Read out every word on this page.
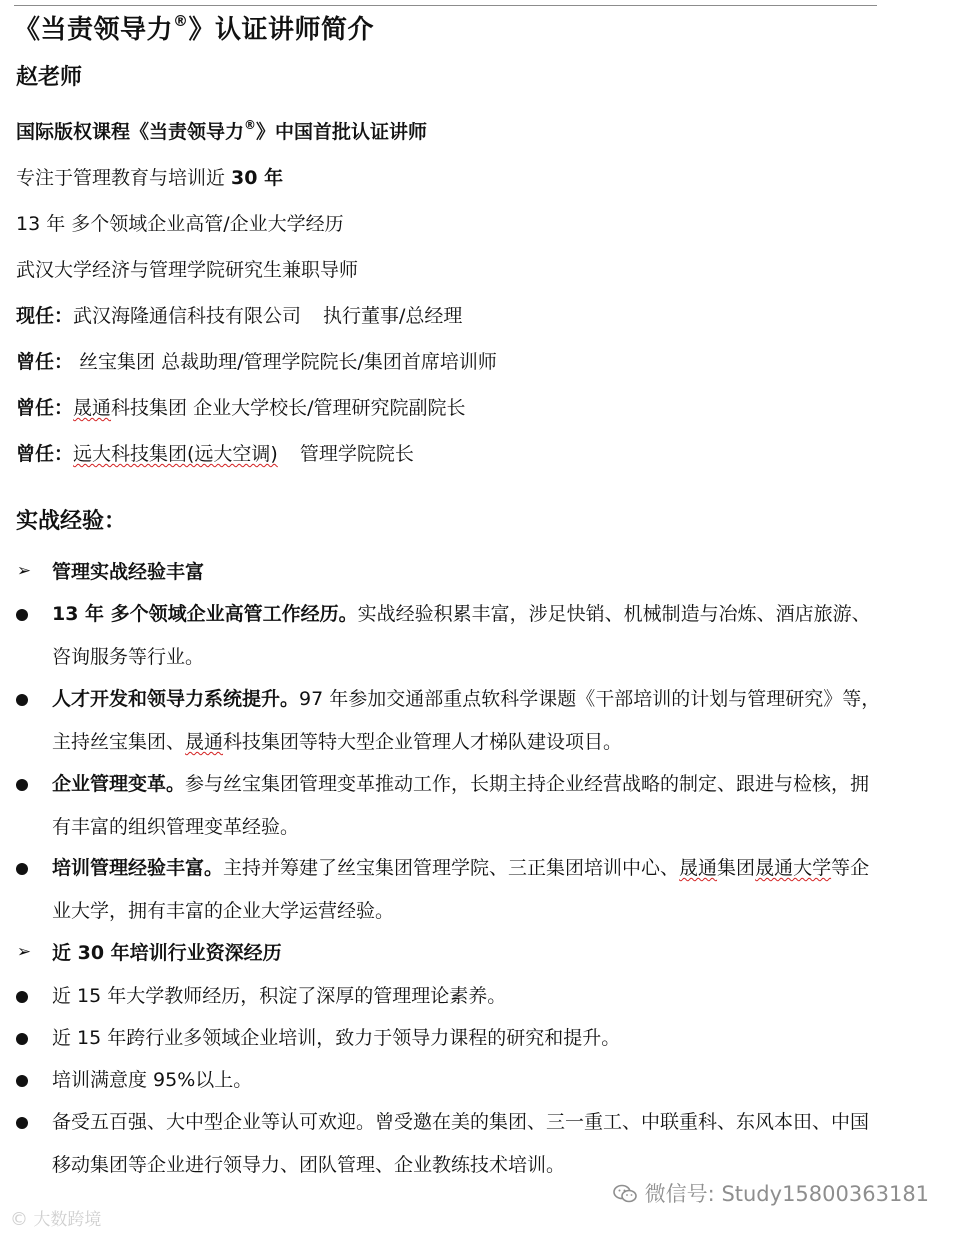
《当责领导力®》认证讲师简介
赵老师
国际版权课程《当责领导力®》中国首批认证讲师
专注于管理教育与培训近 30 年
13 年 多个领域企业高管/企业大学经历
武汉大学经济与管理学院研究生兼职导师
现任：武汉海隆通信科技有限公司 执行董事/总经理
曾任： 丝宝集团 总裁助理/管理学院院长/集团首席培训师
曾任：晟通科技集团 企业大学校长/管理研究院副院长
曾任：远大科技集团(远大空调) 管理学院院长
实战经验：
➢ 管理实战经验丰富
13 年 多个领域企业高管工作经历。实战经验积累丰富，涉足快销、机械制造与冶炼、酒店旅游、咨询服务等行业。
人才开发和领导力系统提升。97 年参加交通部重点软科学课题《干部培训的计划与管理研究》等，主持丝宝集团、晟通科技集团等特大型企业管理人才梯队建设项目。
企业管理变革。参与丝宝集团管理变革推动工作，长期主持企业经营战略的制定、跟进与检核，拥有丰富的组织管理变革经验。
培训管理经验丰富。主持并筹建了丝宝集团管理学院、三正集团培训中心、晟通集团晟通大学等企业大学，拥有丰富的企业大学运营经验。
➢ 近 30 年培训行业资深经历
近 15 年大学教师经历，积淀了深厚的管理理论素养。
近 15 年跨行业多领域企业培训，致力于领导力课程的研究和提升。
培训满意度 95%以上。
备受五百强、大中型企业等认可欢迎。曾受邀在美的集团、三一重工、中联重科、东风本田、中国移动集团等企业进行领导力、团队管理、企业教练技术培训。
© 大数跨境
微信号: Study15800363181
